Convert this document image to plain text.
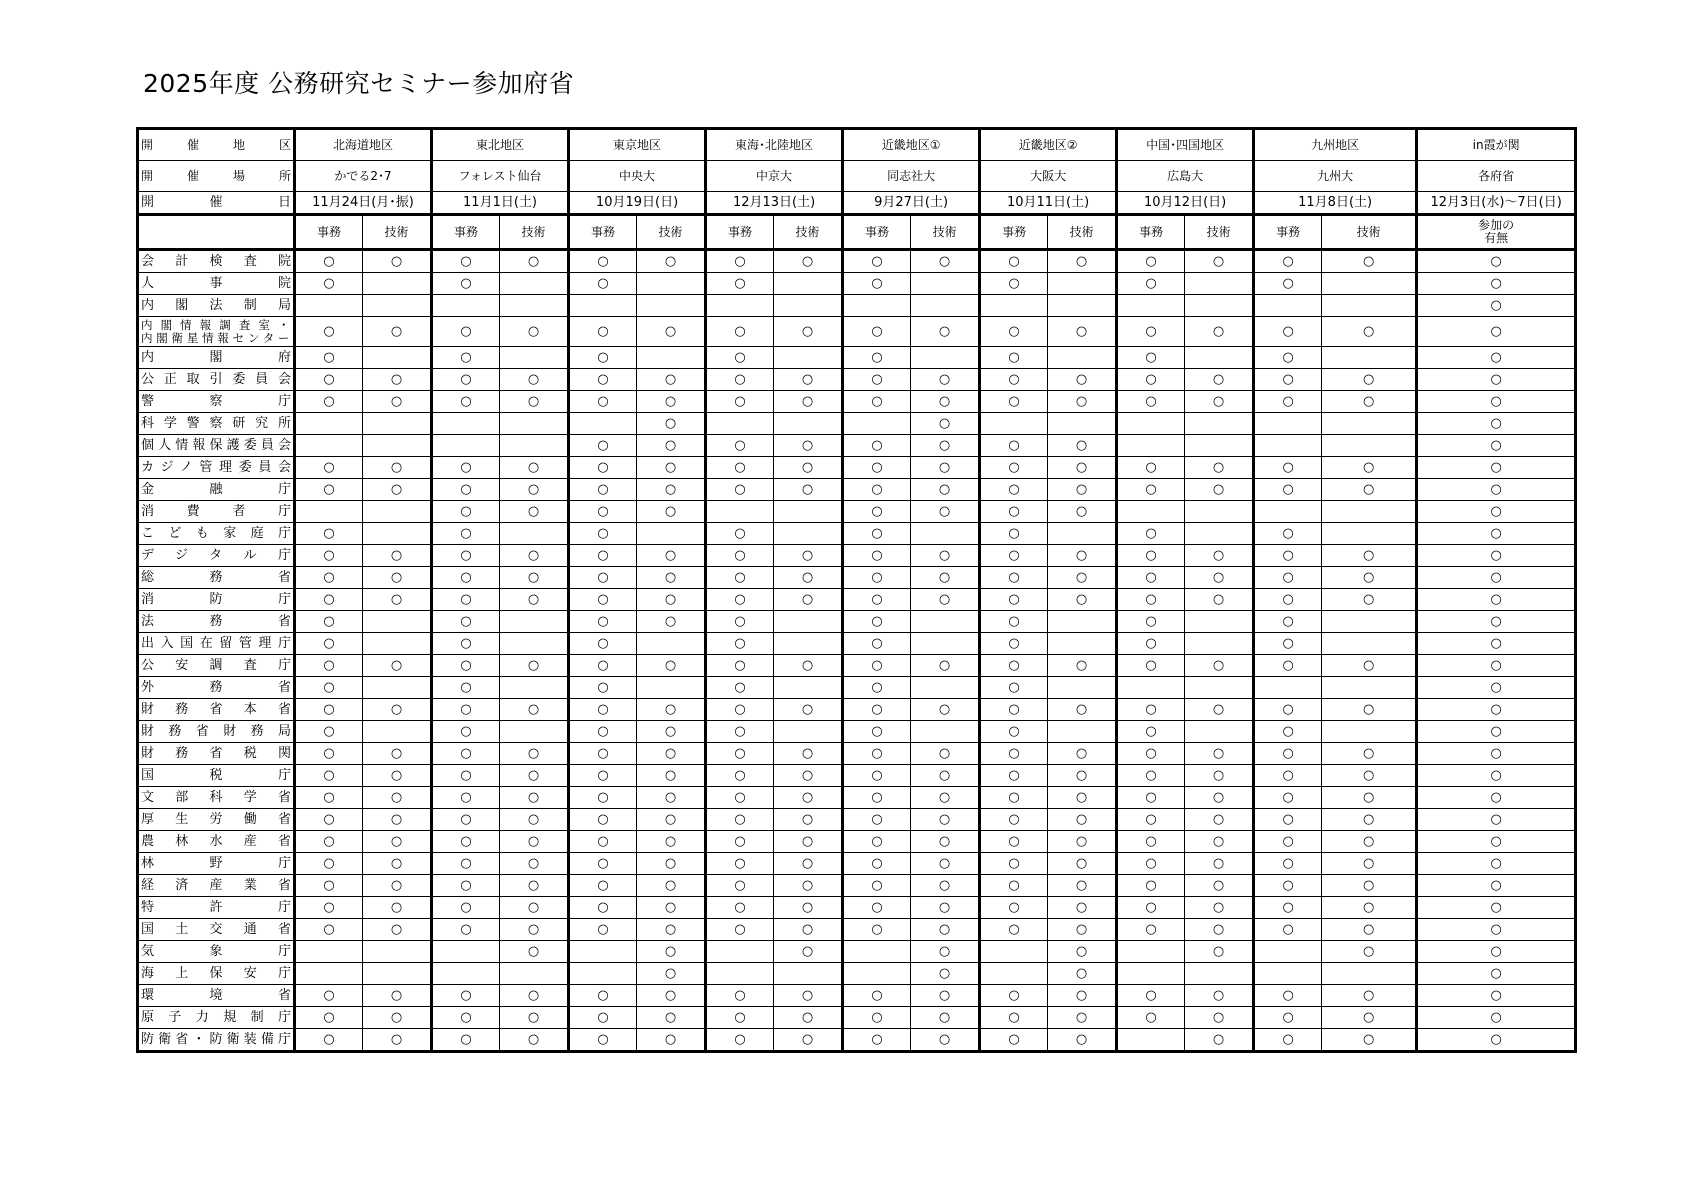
2025年度 公務研究セミナー参加府省
開催地区	北海道地区		東北地区		東京地区		東海･北陸地区		近畿地区①		近畿地区②		中国･四国地区		九州地区		in霞が関
開催場所	かでる2･7		フォレスト仙台		中央大		中京大		同志社大		大阪大		広島大		九州大		各府省
開催日	11月24日(月･振)		11月1日(土)		10月19日(日)		12月13日(土)		9月27日(土)		10月11日(土)		10月12日(日)		11月8日(土)		12月3日(水)～7日(日)
	事務	技術	事務	技術	事務	技術	事務	技術	事務	技術	事務	技術	事務	技術	事務	技術	参加の
有無

会計検査院	○	○	○	○	○	○	○	○	○	○	○	○	○	○	○	○	○
人事院	○		○		○		○		○		○		○		○		○
内閣法制局																	○

内閣情報調査室・
内閣衛星情報センター	○	○	○	○	○	○	○	○	○	○	○	○	○	○	○	○	○
内閣府	○		○		○		○		○		○		○		○		○
公正取引委員会	○	○	○	○	○	○	○	○	○	○	○	○	○	○	○	○	○
警察庁	○	○	○	○	○	○	○	○	○	○	○	○	○	○	○	○	○
科学警察研究所						○				○							○
個人情報保護委員会					○	○	○	○	○	○	○	○					○
カジノ管理委員会	○	○	○	○	○	○	○	○	○	○	○	○	○	○	○	○	○
金融庁	○	○	○	○	○	○	○	○	○	○	○	○	○	○	○	○	○
消費者庁			○	○	○	○			○	○	○	○					○
こども家庭庁	○		○		○		○		○		○		○		○		○
デジタル庁	○	○	○	○	○	○	○	○	○	○	○	○	○	○	○	○	○
総務省	○	○	○	○	○	○	○	○	○	○	○	○	○	○	○	○	○
消防庁	○	○	○	○	○	○	○	○	○	○	○	○	○	○	○	○	○
法務省	○		○		○	○	○		○		○		○		○		○
出入国在留管理庁	○		○		○		○		○		○		○		○		○
公安調査庁	○	○	○	○	○	○	○	○	○	○	○	○	○	○	○	○	○
外務省	○		○		○		○		○		○						○
財務省本省	○	○	○	○	○	○	○	○	○	○	○	○	○	○	○	○	○
財務省財務局	○		○		○	○	○		○		○		○		○		○
財務省税関	○	○	○	○	○	○	○	○	○	○	○	○	○	○	○	○	○
国税庁	○	○	○	○	○	○	○	○	○	○	○	○	○	○	○	○	○
文部科学省	○	○	○	○	○	○	○	○	○	○	○	○	○	○	○	○	○
厚生労働省	○	○	○	○	○	○	○	○	○	○	○	○	○	○	○	○	○
農林水産省	○	○	○	○	○	○	○	○	○	○	○	○	○	○	○	○	○
林野庁	○	○	○	○	○	○	○	○	○	○	○	○	○	○	○	○	○
経済産業省	○	○	○	○	○	○	○	○	○	○	○	○	○	○	○	○	○
特許庁	○	○	○	○	○	○	○	○	○	○	○	○	○	○	○	○	○
国土交通省	○	○	○	○	○	○	○	○	○	○	○	○	○	○	○	○	○
気象庁				○		○		○		○		○		○		○	○
海上保安庁						○				○		○					○
環境省	○	○	○	○	○	○	○	○	○	○	○	○	○	○	○	○	○
原子力規制庁	○	○	○	○	○	○	○	○	○	○	○	○	○	○	○	○	○
防衛省・防衛装備庁	○	○	○	○	○	○	○	○	○	○	○	○		○	○	○	○
